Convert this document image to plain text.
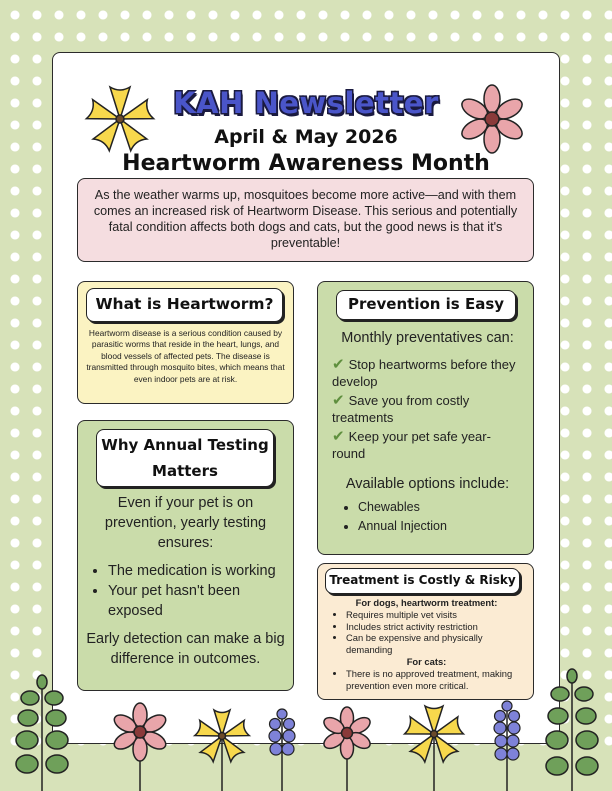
KAH Newsletter
April & May 2026
Heartworm Awareness Month
As the weather warms up, mosquitoes become more active—and with them comes an increased risk of Heartworm Disease. This serious and potentially fatal condition affects both dogs and cats, but the good news is that it's preventable!
What is Heartworm?
Heartworm disease is a serious condition caused by parasitic worms that reside in the heart, lungs, and blood vessels of affected pets. The disease is transmitted through mosquito bites, which means that even indoor pets are at risk.
Why Annual Testing Matters
Even if your pet is on prevention, yearly testing ensures:
• The medication is working
• Your pet hasn't been exposed
Early detection can make a big difference in outcomes.
Prevention is Easy
Monthly preventatives can:

✔ Stop heartworms before they develop

✔ Save you from costly treatments

✔ Keep your pet safe year-round

Available options include:
• Chewables
• Annual Injection
Treatment is Costly & Risky
For dogs, heartworm treatment:
• Requires multiple vet visits
• Includes strict activity restriction
• Can be expensive and physically demanding
For cats:
• There is no approved treatment, making prevention even more critical.
